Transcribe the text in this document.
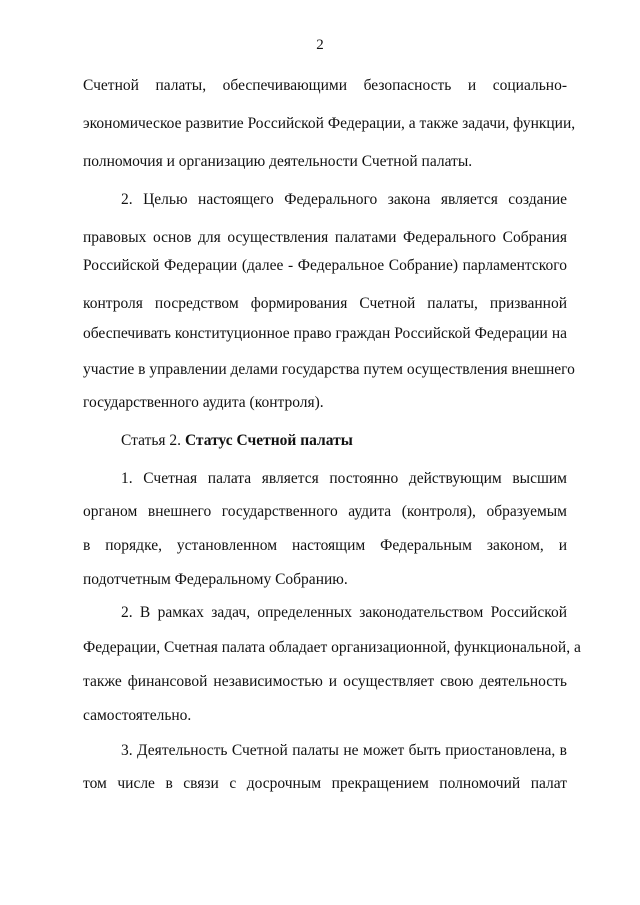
2
Счетной палаты, обеспечивающими безопасность и социально-
экономическое развитие Российской Федерации, а также задачи, функции,
полномочия и организацию деятельности Счетной палаты.
2. Целью настоящего Федерального закона является создание
правовых основ для осуществления палатами Федерального Собрания
Российской Федерации (далее - Федеральное Собрание) парламентского
контроля посредством формирования Счетной палаты, призванной
обеспечивать конституционное право граждан Российской Федерации на
участие в управлении делами государства путем осуществления внешнего
государственного аудита (контроля).
Статья 2. Статус Счетной палаты
1. Счетная палата является постоянно действующим высшим
органом внешнего государственного аудита (контроля), образуемым
в порядке, установленном настоящим Федеральным законом, и
подотчетным Федеральному Собранию.
2. В рамках задач, определенных законодательством Российской
Федерации, Счетная палата обладает организационной, функциональной, а
также финансовой независимостью и осуществляет свою деятельность
самостоятельно.
3. Деятельность Счетной палаты не может быть приостановлена, в
том числе в связи с досрочным прекращением полномочий палат
